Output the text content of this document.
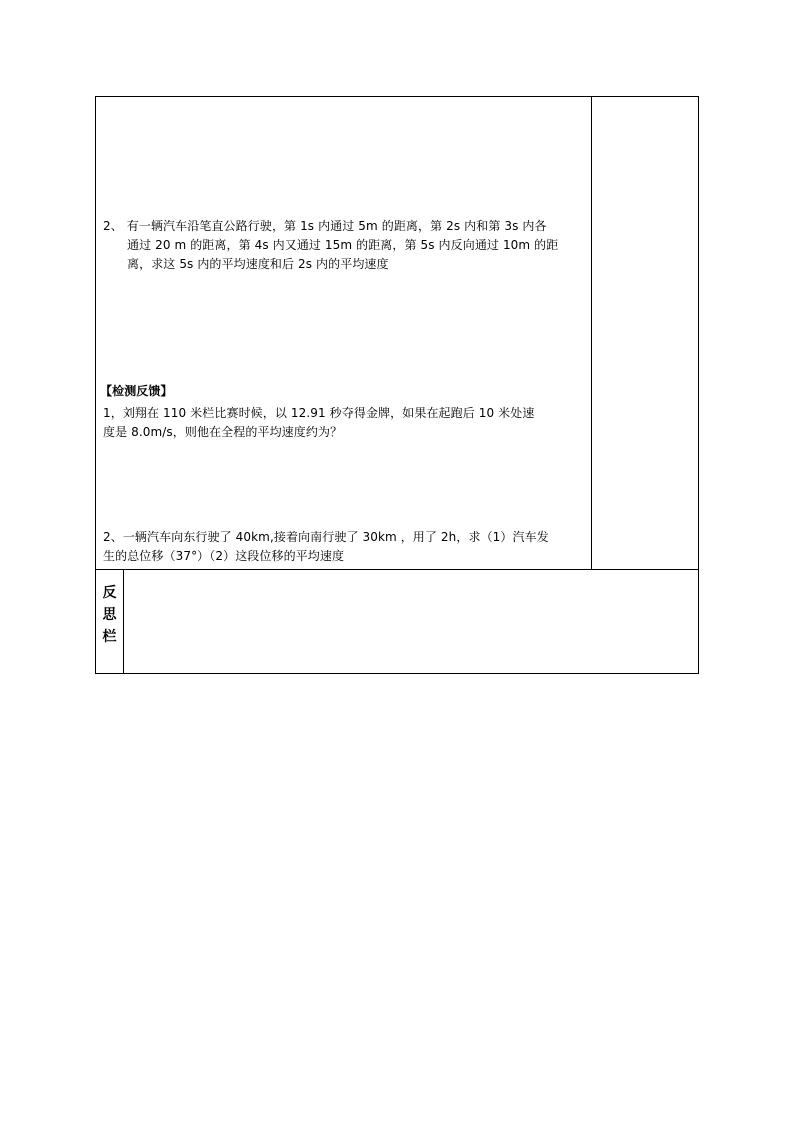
2、 有一辆汽车沿笔直公路行驶，第 1s 内通过 5m 的距离，第 2s 内和第 3s 内各
通过 20 m 的距离，第 4s 内又通过 15m 的距离，第 5s 内反向通过 10m 的距
离，求这 5s 内的平均速度和后 2s 内的平均速度
【检测反馈】
1，刘翔在 110 米栏比赛时候，以 12.91 秒夺得金牌，如果在起跑后 10 米处速
度是 8.0m/s，则他在全程的平均速度约为？
2、一辆汽车向东行驶了 40km,接着向南行驶了 30km ，用了 2h，求（1）汽车发
生的总位移（37°）（2）这段位移的平均速度
反
思
栏
